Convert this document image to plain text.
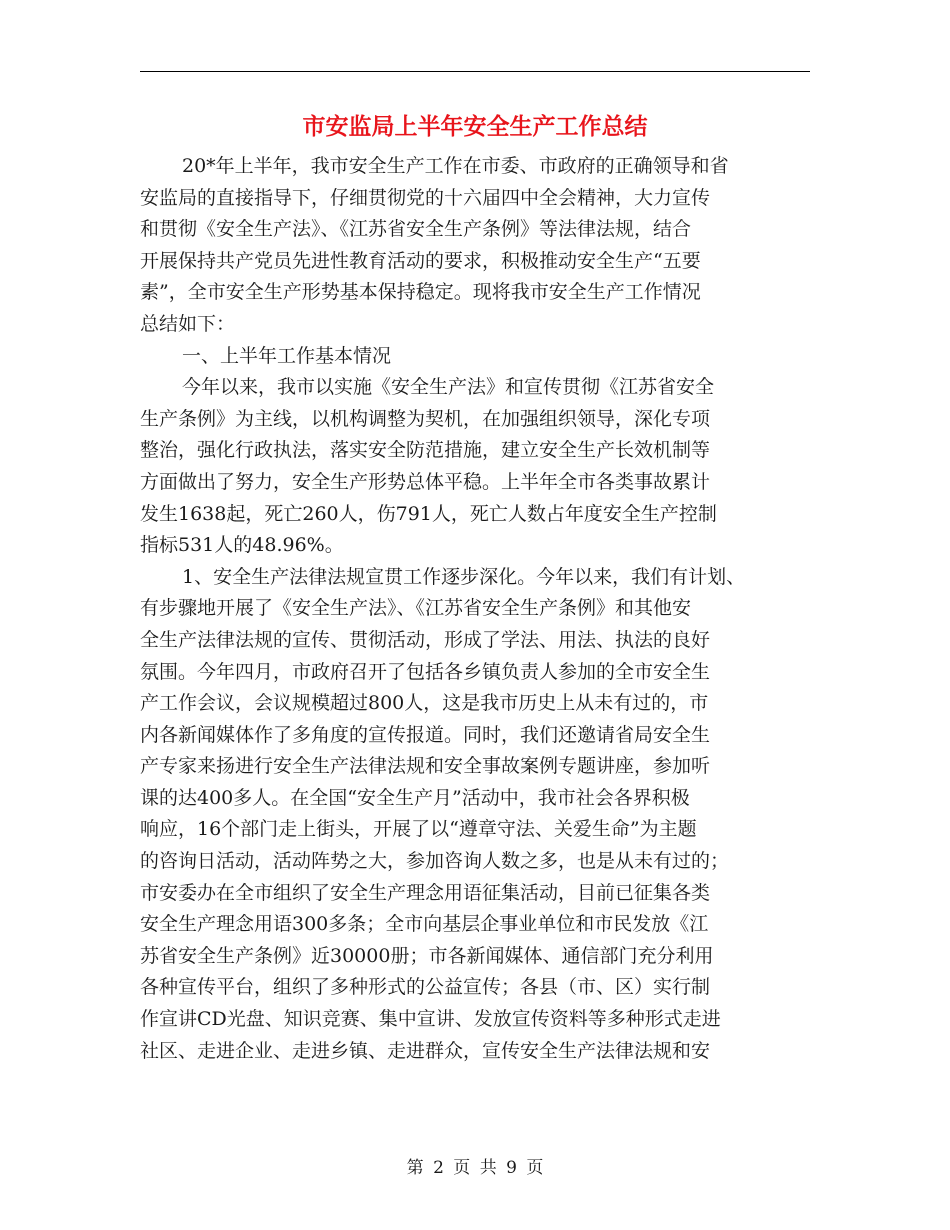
市安监局上半年安全生产工作总结
20*年上半年，我市安全生产工作在市委、市政府的正确领导和省
安监局的直接指导下，仔细贯彻党的十六届四中全会精神，大力宣传
和贯彻《安全生产法》、《江苏省安全生产条例》等法律法规，结合
开展保持共产党员先进性教育活动的要求，积极推动安全生产“五要
素”，全市安全生产形势基本保持稳定。现将我市安全生产工作情况
总结如下：
一、上半年工作基本情况
今年以来，我市以实施《安全生产法》和宣传贯彻《江苏省安全
生产条例》为主线，以机构调整为契机，在加强组织领导，深化专项
整治，强化行政执法，落实安全防范措施，建立安全生产长效机制等
方面做出了努力，安全生产形势总体平稳。上半年全市各类事故累计
发生1638起，死亡260人，伤791人，死亡人数占年度安全生产控制
指标531人的48.96%。
1、安全生产法律法规宣贯工作逐步深化。今年以来，我们有计划、
有步骤地开展了《安全生产法》、《江苏省安全生产条例》和其他安
全生产法律法规的宣传、贯彻活动，形成了学法、用法、执法的良好
氛围。今年四月，市政府召开了包括各乡镇负责人参加的全市安全生
产工作会议，会议规模超过800人，这是我市历史上从未有过的，市
内各新闻媒体作了多角度的宣传报道。同时，我们还邀请省局安全生
产专家来扬进行安全生产法律法规和安全事故案例专题讲座，参加听
课的达400多人。在全国“安全生产月”活动中，我市社会各界积极
响应，16个部门走上街头，开展了以“遵章守法、关爱生命”为主题
的咨询日活动，活动阵势之大，参加咨询人数之多，也是从未有过的；
市安委办在全市组织了安全生产理念用语征集活动，目前已征集各类
安全生产理念用语300多条；全市向基层企事业单位和市民发放《江
苏省安全生产条例》近30000册；市各新闻媒体、通信部门充分利用
各种宣传平台，组织了多种形式的公益宣传；各县（市、区）实行制
作宣讲CD光盘、知识竞赛、集中宣讲、发放宣传资料等多种形式走进
社区、走进企业、走进乡镇、走进群众，宣传安全生产法律法规和安
第 2 页 共 9 页
